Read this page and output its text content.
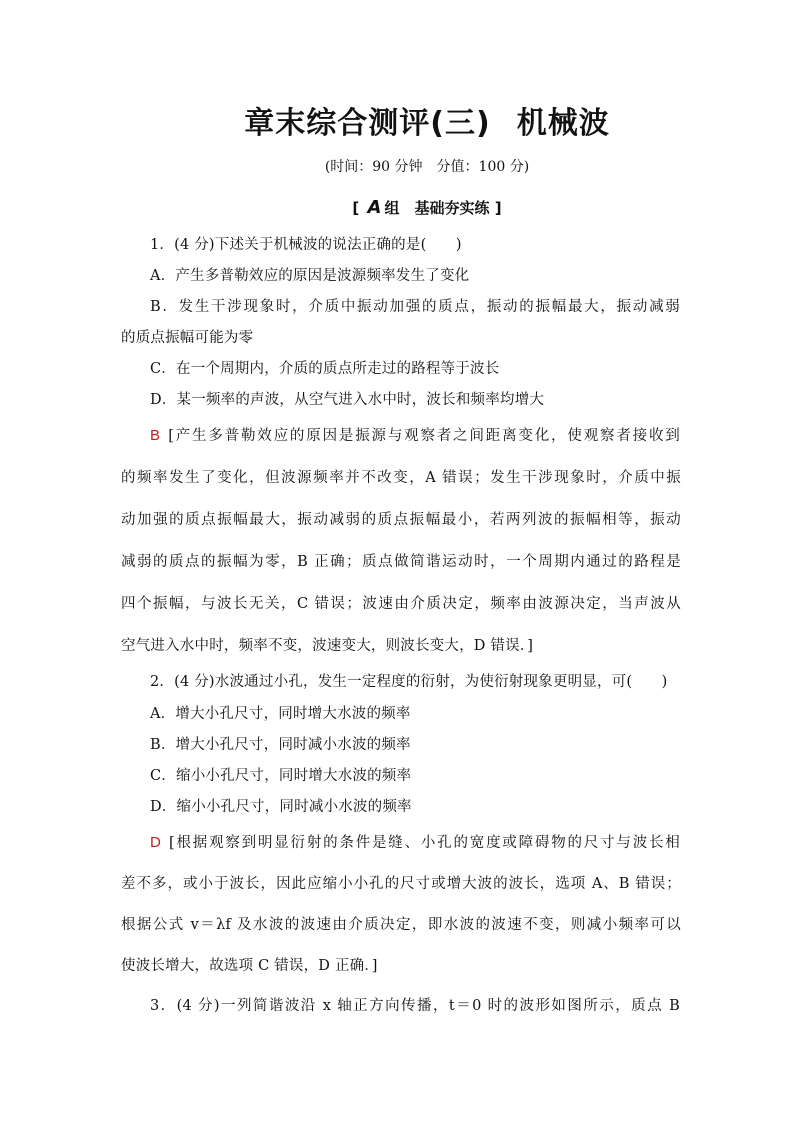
章末综合测评(三) 机械波
(时间：90 分钟　分值：100 分)
[ A 组　基础夯实练 ]
1．(4 分)下述关于机械波的说法正确的是(　　)
A．产生多普勒效应的原因是波源频率发生了变化
B．发生干涉现象时，介质中振动加强的质点，振动的振幅最大，振动减弱
的质点振幅可能为零
C．在一个周期内，介质的质点所走过的路程等于波长
D．某一频率的声波，从空气进入水中时，波长和频率均增大
B [产生多普勒效应的原因是振源与观察者之间距离变化，使观察者接收到
的频率发生了变化，但波源频率并不改变，A 错误；发生干涉现象时，介质中振
动加强的质点振幅最大，振动减弱的质点振幅最小，若两列波的振幅相等，振动
减弱的质点的振幅为零，B 正确；质点做简谐运动时，一个周期内通过的路程是
四个振幅，与波长无关，C 错误；波速由介质决定，频率由波源决定，当声波从
空气进入水中时，频率不变，波速变大，则波长变大，D 错误．]
2．(4 分)水波通过小孔，发生一定程度的衍射，为使衍射现象更明显，可(　　)
A．增大小孔尺寸，同时增大水波的频率
B．增大小孔尺寸，同时减小水波的频率
C．缩小小孔尺寸，同时增大水波的频率
D．缩小小孔尺寸，同时减小水波的频率
D [根据观察到明显衍射的条件是缝、小孔的宽度或障碍物的尺寸与波长相
差不多，或小于波长，因此应缩小小孔的尺寸或增大波的波长，选项 A、B 错误；
根据公式 v＝λf 及水波的波速由介质决定，即水波的波速不变，则减小频率可以
使波长增大，故选项 C 错误，D 正确．]
3．(4 分)一列简谐波沿 x 轴正方向传播，t＝0 时的波形如图所示，质点 B
